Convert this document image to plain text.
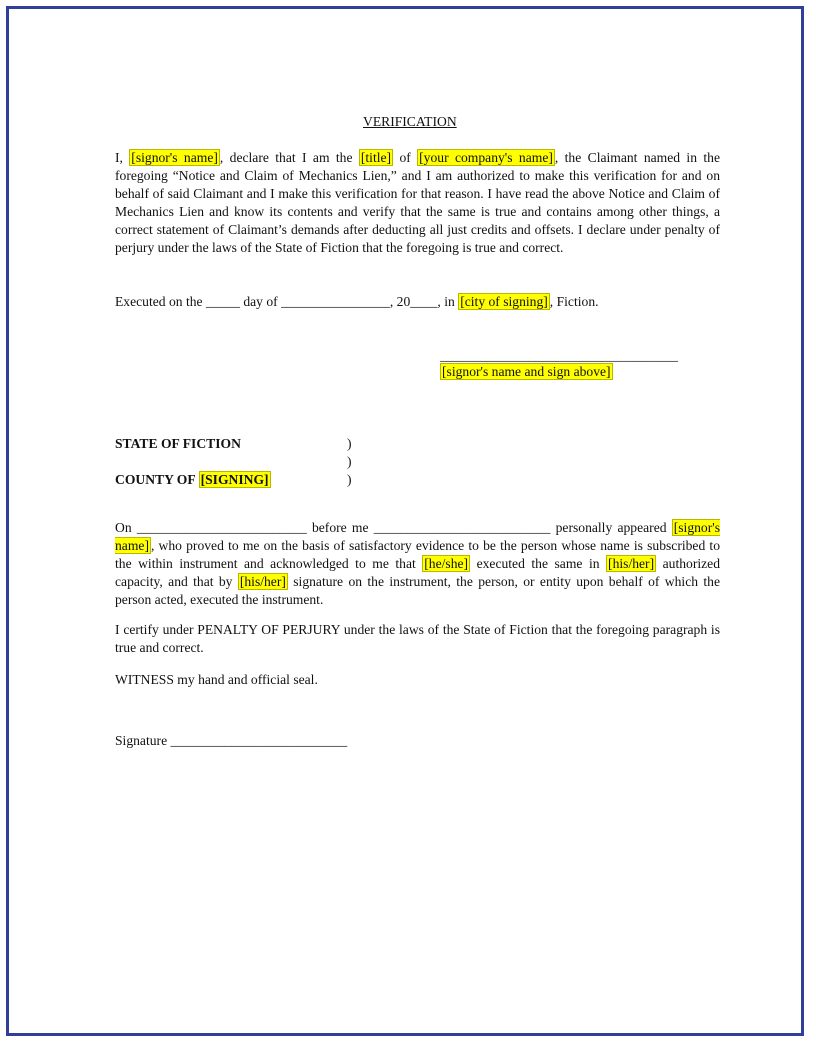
VERIFICATION
I, [signor's name] , declare that I am the [title] of [your company's name] , the Claimant named in the foregoing “Notice and Claim of Mechanics Lien,” and I am authorized to make this verification for and on behalf of said Claimant and I make this verification for that reason. I have read the above Notice and Claim of Mechanics Lien and know its contents and verify that the same is true and contains among other things, a correct statement of Claimant’s demands after deducting all just credits and offsets. I declare under penalty of perjury under the laws of the State of Fiction that the foregoing is true and correct.
Executed on the _____ day of ________________, 20____, in [city of signing] , Fiction.
___________________________________
[signor's name and sign above]
STATE OF FICTION	)
)
)
COUNTY OF [SIGNING]
On _________________________ before me __________________________ personally appeared [signor's name] , who proved to me on the basis of satisfactory evidence to be the person whose name is subscribed to the within instrument and acknowledged to me that [he/she] executed the same in [his/her] authorized capacity, and that by [his/her] signature on the instrument, the person, or entity upon behalf of which the person acted, executed the instrument.
I certify under PENALTY OF PERJURY under the laws of the State of Fiction that the foregoing paragraph is true and correct.
WITNESS my hand and official seal.
Signature __________________________
